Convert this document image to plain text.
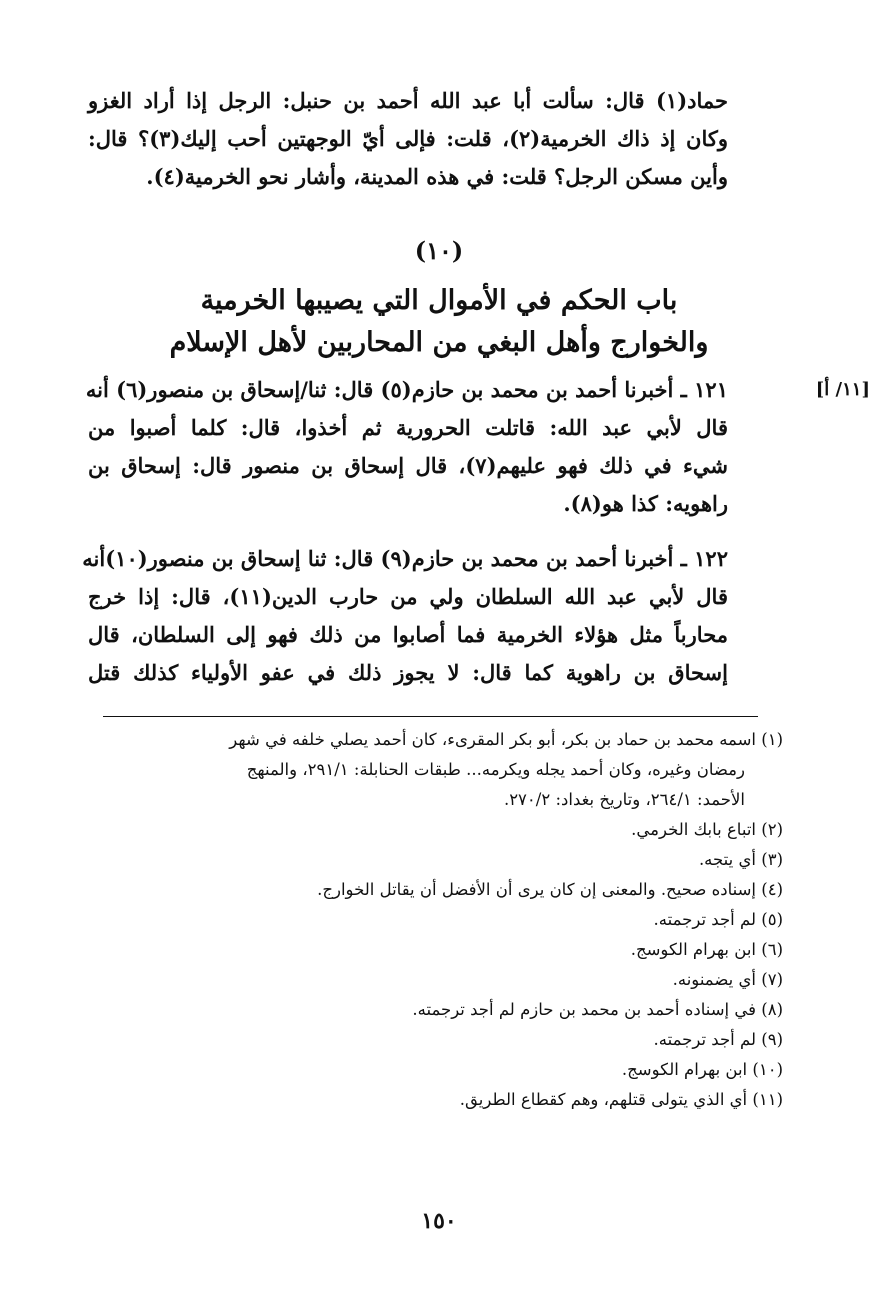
حماد(١) قال: سألت أبا عبد الله أحمد بن حنبل: الرجل إذا أراد الغزو
وكان إذ ذاك الخرمية(٢)، قلت: فإلى أيّ الوجهتين أحب إليك(٣)؟ قال:
وأين مسكن الرجل؟ قلت: في هذه المدينة، وأشار نحو الخرمية(٤).
(١٠)
باب الحكم في الأموال التي يصيبها الخرمية
والخوارج وأهل البغي من المحاربين لأهل الإسلام
[١١/ أ]
١٢١ ـ أخبرنا أحمد بن محمد بن حازم(٥) قال: ثنا/إسحاق بن منصور(٦) أنه
قال لأبي عبد الله: قاتلت الحرورية ثم أخذوا، قال: كلما أصبوا من
شيء في ذلك فهو عليهم(٧)، قال إسحاق بن منصور قال: إسحاق بن
راهويه: كذا هو(٨).
١٢٢ ـ أخبرنا أحمد بن محمد بن حازم(٩) قال: ثنا إسحاق بن منصور(١٠)أنه
قال لأبي عبد الله السلطان ولي من حارب الدين(١١)، قال: إذا خرج
محارباً مثل هؤلاء الخرمية فما أصابوا من ذلك فهو إلى السلطان، قال
إسحاق بن راهوية كما قال: لا يجوز ذلك في عفو الأولياء كذلك قتل
(١) اسمه محمد بن حماد بن بكر، أبو بكر المقرىء، كان أحمد يصلي خلفه في شهر
رمضان وغيره، وكان أحمد يجله ويكرمه... طبقات الحنابلة: ٢٩١/١، والمنهج
الأحمد: ٢٦٤/١، وتاريخ بغداد: ٢٧٠/٢.
(٢) اتباع بابك الخرمي.
(٣) أي يتجه.
(٤) إسناده صحيح. والمعنى إن كان يرى أن الأفضل أن يقاتل الخوارج.
(٥) لم أجد ترجمته.
(٦) ابن بهرام الكوسج.
(٧) أي يضمنونه.
(٨) في إسناده أحمد بن محمد بن حازم لم أجد ترجمته.
(٩) لم أجد ترجمته.
(١٠) ابن بهرام الكوسج.
(١١) أي الذي يتولى قتلهم، وهم كقطاع الطريق.
١٥٠
